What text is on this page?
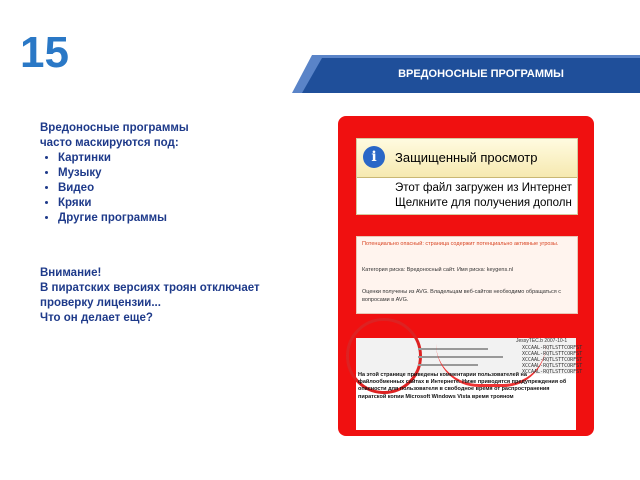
15	ВРЕДОНОСНЫЕ ПРОГРАММЫ
Вредоносные программы
часто маскируются под:
• Картинки
• Музыку
• Видео
• Кряки
• Другие программы
Внимание!
В пиратских версиях троян отключает
проверку лицензии...
Что он делает еще?
i	Защищенный просмотр
Этот файл загружен из Интернет
Щелкните для получения дополн
Потенциально опасный: страница содержит потенциально активные угрозы.
Категория риска: Вредоносный сайт. Имя риска: keygens.nl
Оценки получены из AVG. Владельцам веб-сайтов необходимо обращаться с вопросами в AVG.
JessyTEC.b 2007-10-1
XCCAAL-RQTLSTTCORFST
XCCAAL-RQTLSTTCORFST
XCCAAL-RQTLSTTCORFST
XCCAAL-RQTLSTTCORFST
XCCAAL-RQTLSTTCORFST
На этой странице приведены комментарии пользователей на файлообменных сайтах в Интернете. Ниже приводятся предупреждения об опасности для пользователя в свободное время от распространения пиратской копии Microsoft Windows Vista время трояном
